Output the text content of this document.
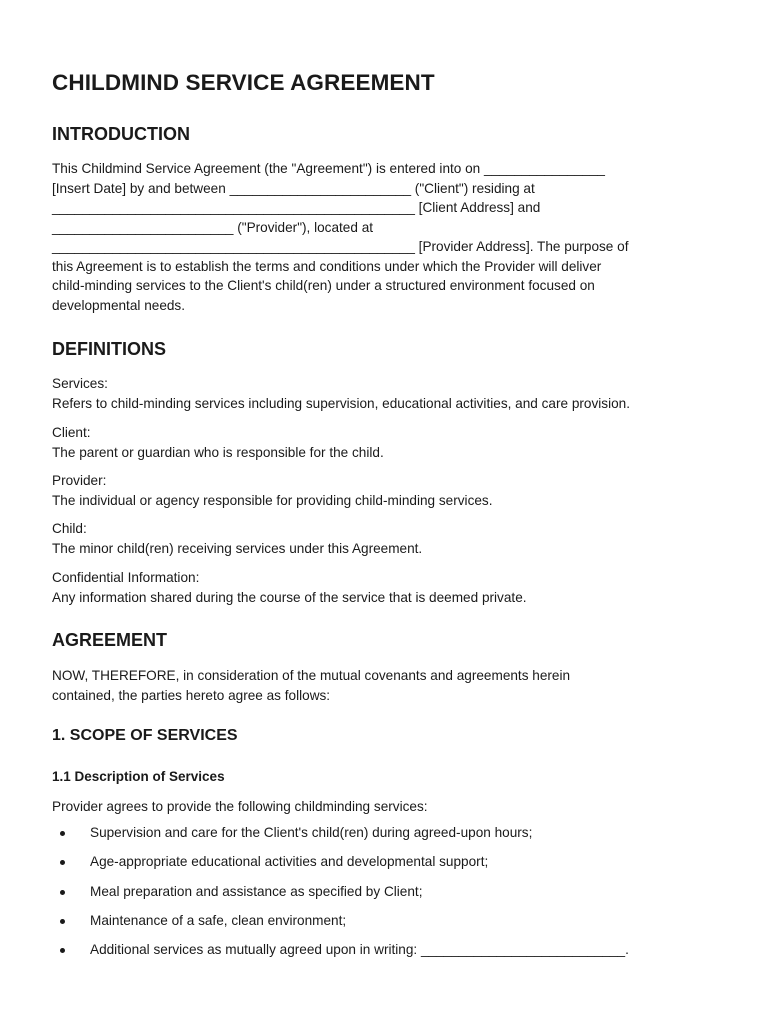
CHILDMIND SERVICE AGREEMENT
INTRODUCTION
This Childmind Service Agreement (the "Agreement") is entered into on ________________
[Insert Date] by and between ________________________ ("Client") residing at
________________________________________________ [Client Address] and
________________________ ("Provider"), located at
________________________________________________ [Provider Address]. The purpose of
this Agreement is to establish the terms and conditions under which the Provider will deliver
child-minding services to the Client's child(ren) under a structured environment focused on
developmental needs.
DEFINITIONS
Services:
Refers to child-minding services including supervision, educational activities, and care provision.
Client:
The parent or guardian who is responsible for the child.
Provider:
The individual or agency responsible for providing child-minding services.
Child:
The minor child(ren) receiving services under this Agreement.
Confidential Information:
Any information shared during the course of the service that is deemed private.
AGREEMENT
NOW, THEREFORE, in consideration of the mutual covenants and agreements herein
contained, the parties hereto agree as follows:
1. SCOPE OF SERVICES
1.1 Description of Services

Provider agrees to provide the following childminding services:

Supervision and care for the Client's child(ren) during agreed-upon hours;
Age-appropriate educational activities and developmental support;
Meal preparation and assistance as specified by Client;
Maintenance of a safe, clean environment;
Additional services as mutually agreed upon in writing: ___________________________.
